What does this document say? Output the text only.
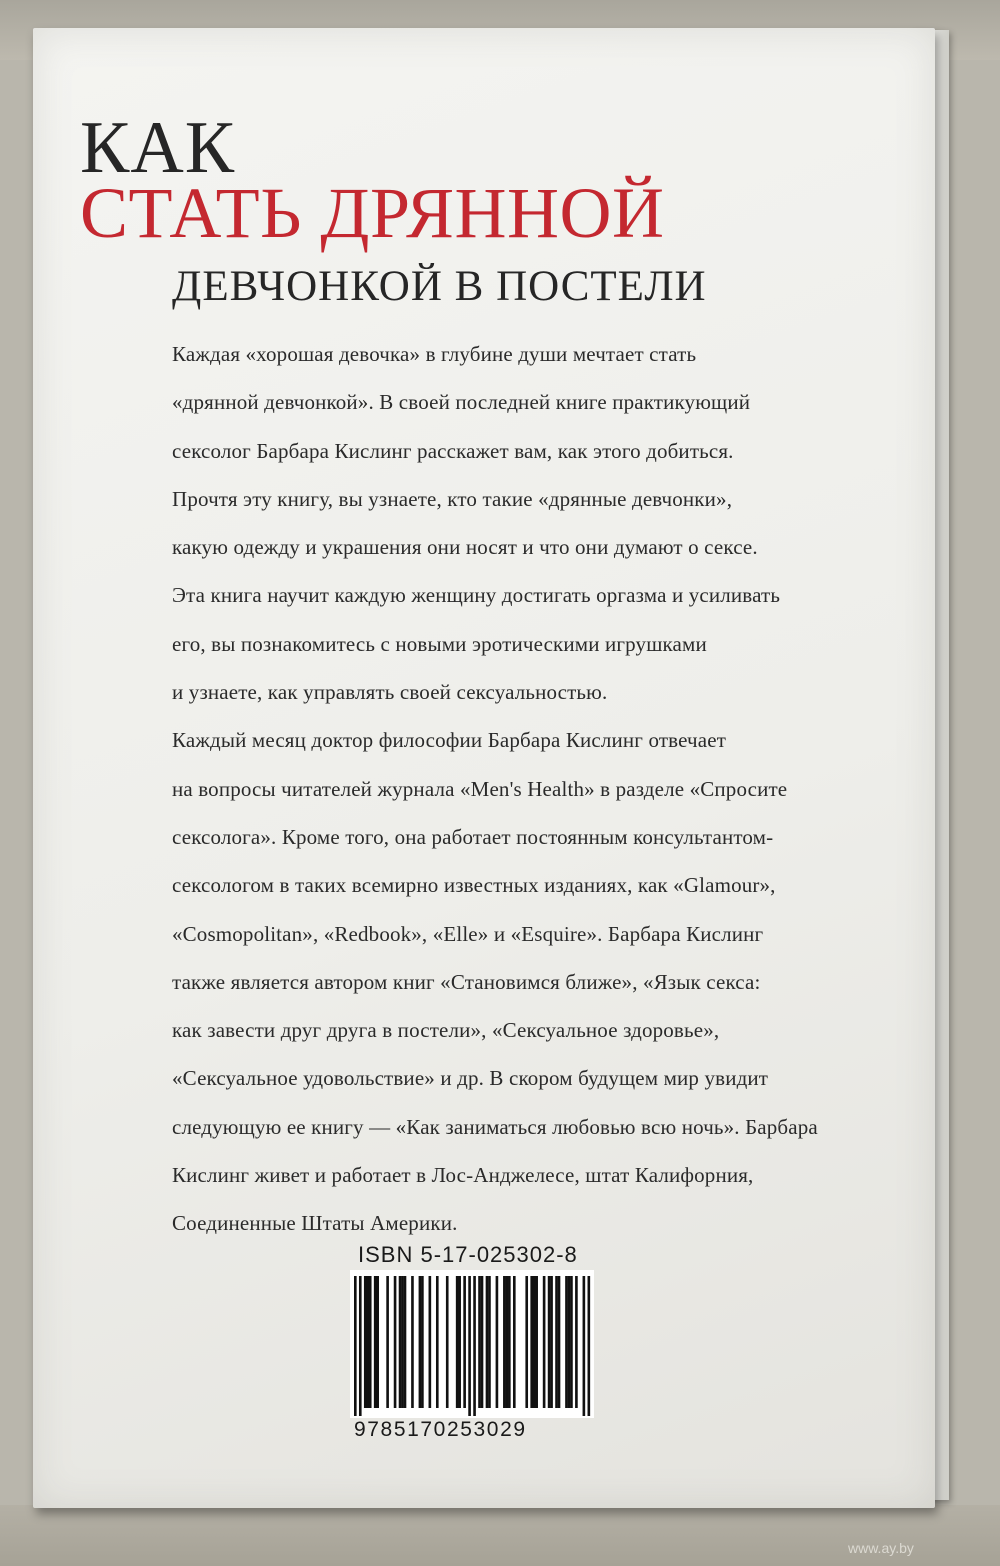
КАК
СТАТЬ ДРЯННОЙ
ДЕВЧОНКОЙ В ПОСТЕЛИ
Каждая «хорошая девочка» в глубине души мечтает стать
«дрянной девчонкой». В своей последней книге практикующий
сексолог Барбара Кислинг расскажет вам, как этого добиться.
Прочтя эту книгу, вы узнаете, кто такие «дрянные девчонки»,
какую одежду и украшения они носят и что они думают о сексе.
Эта книга научит каждую женщину достигать оргазма и усиливать
его, вы познакомитесь с новыми эротическими игрушками
и узнаете, как управлять своей сексуальностью.
Каждый месяц доктор философии Барбара Кислинг отвечает
на вопросы читателей журнала «Men's Health» в разделе «Спросите
сексолога». Кроме того, она работает постоянным консультантом-
сексологом в таких всемирно известных изданиях, как «Glamour»,
«Cosmopolitan», «Redbook», «Elle» и «Esquire». Барбара Кислинг
также является автором книг «Становимся ближе», «Язык секса:
как завести друг друга в постели», «Сексуальное здоровье»,
«Сексуальное удовольствие» и др. В скором будущем мир увидит
следующую ее книгу — «Как заниматься любовью всю ночь». Барбара
Кислинг живет и работает в Лос-Анджелесе, штат Калифорния,
Соединенные Штаты Америки.
ISBN 5-17-025302-8
9785170253029
www.ay.by
